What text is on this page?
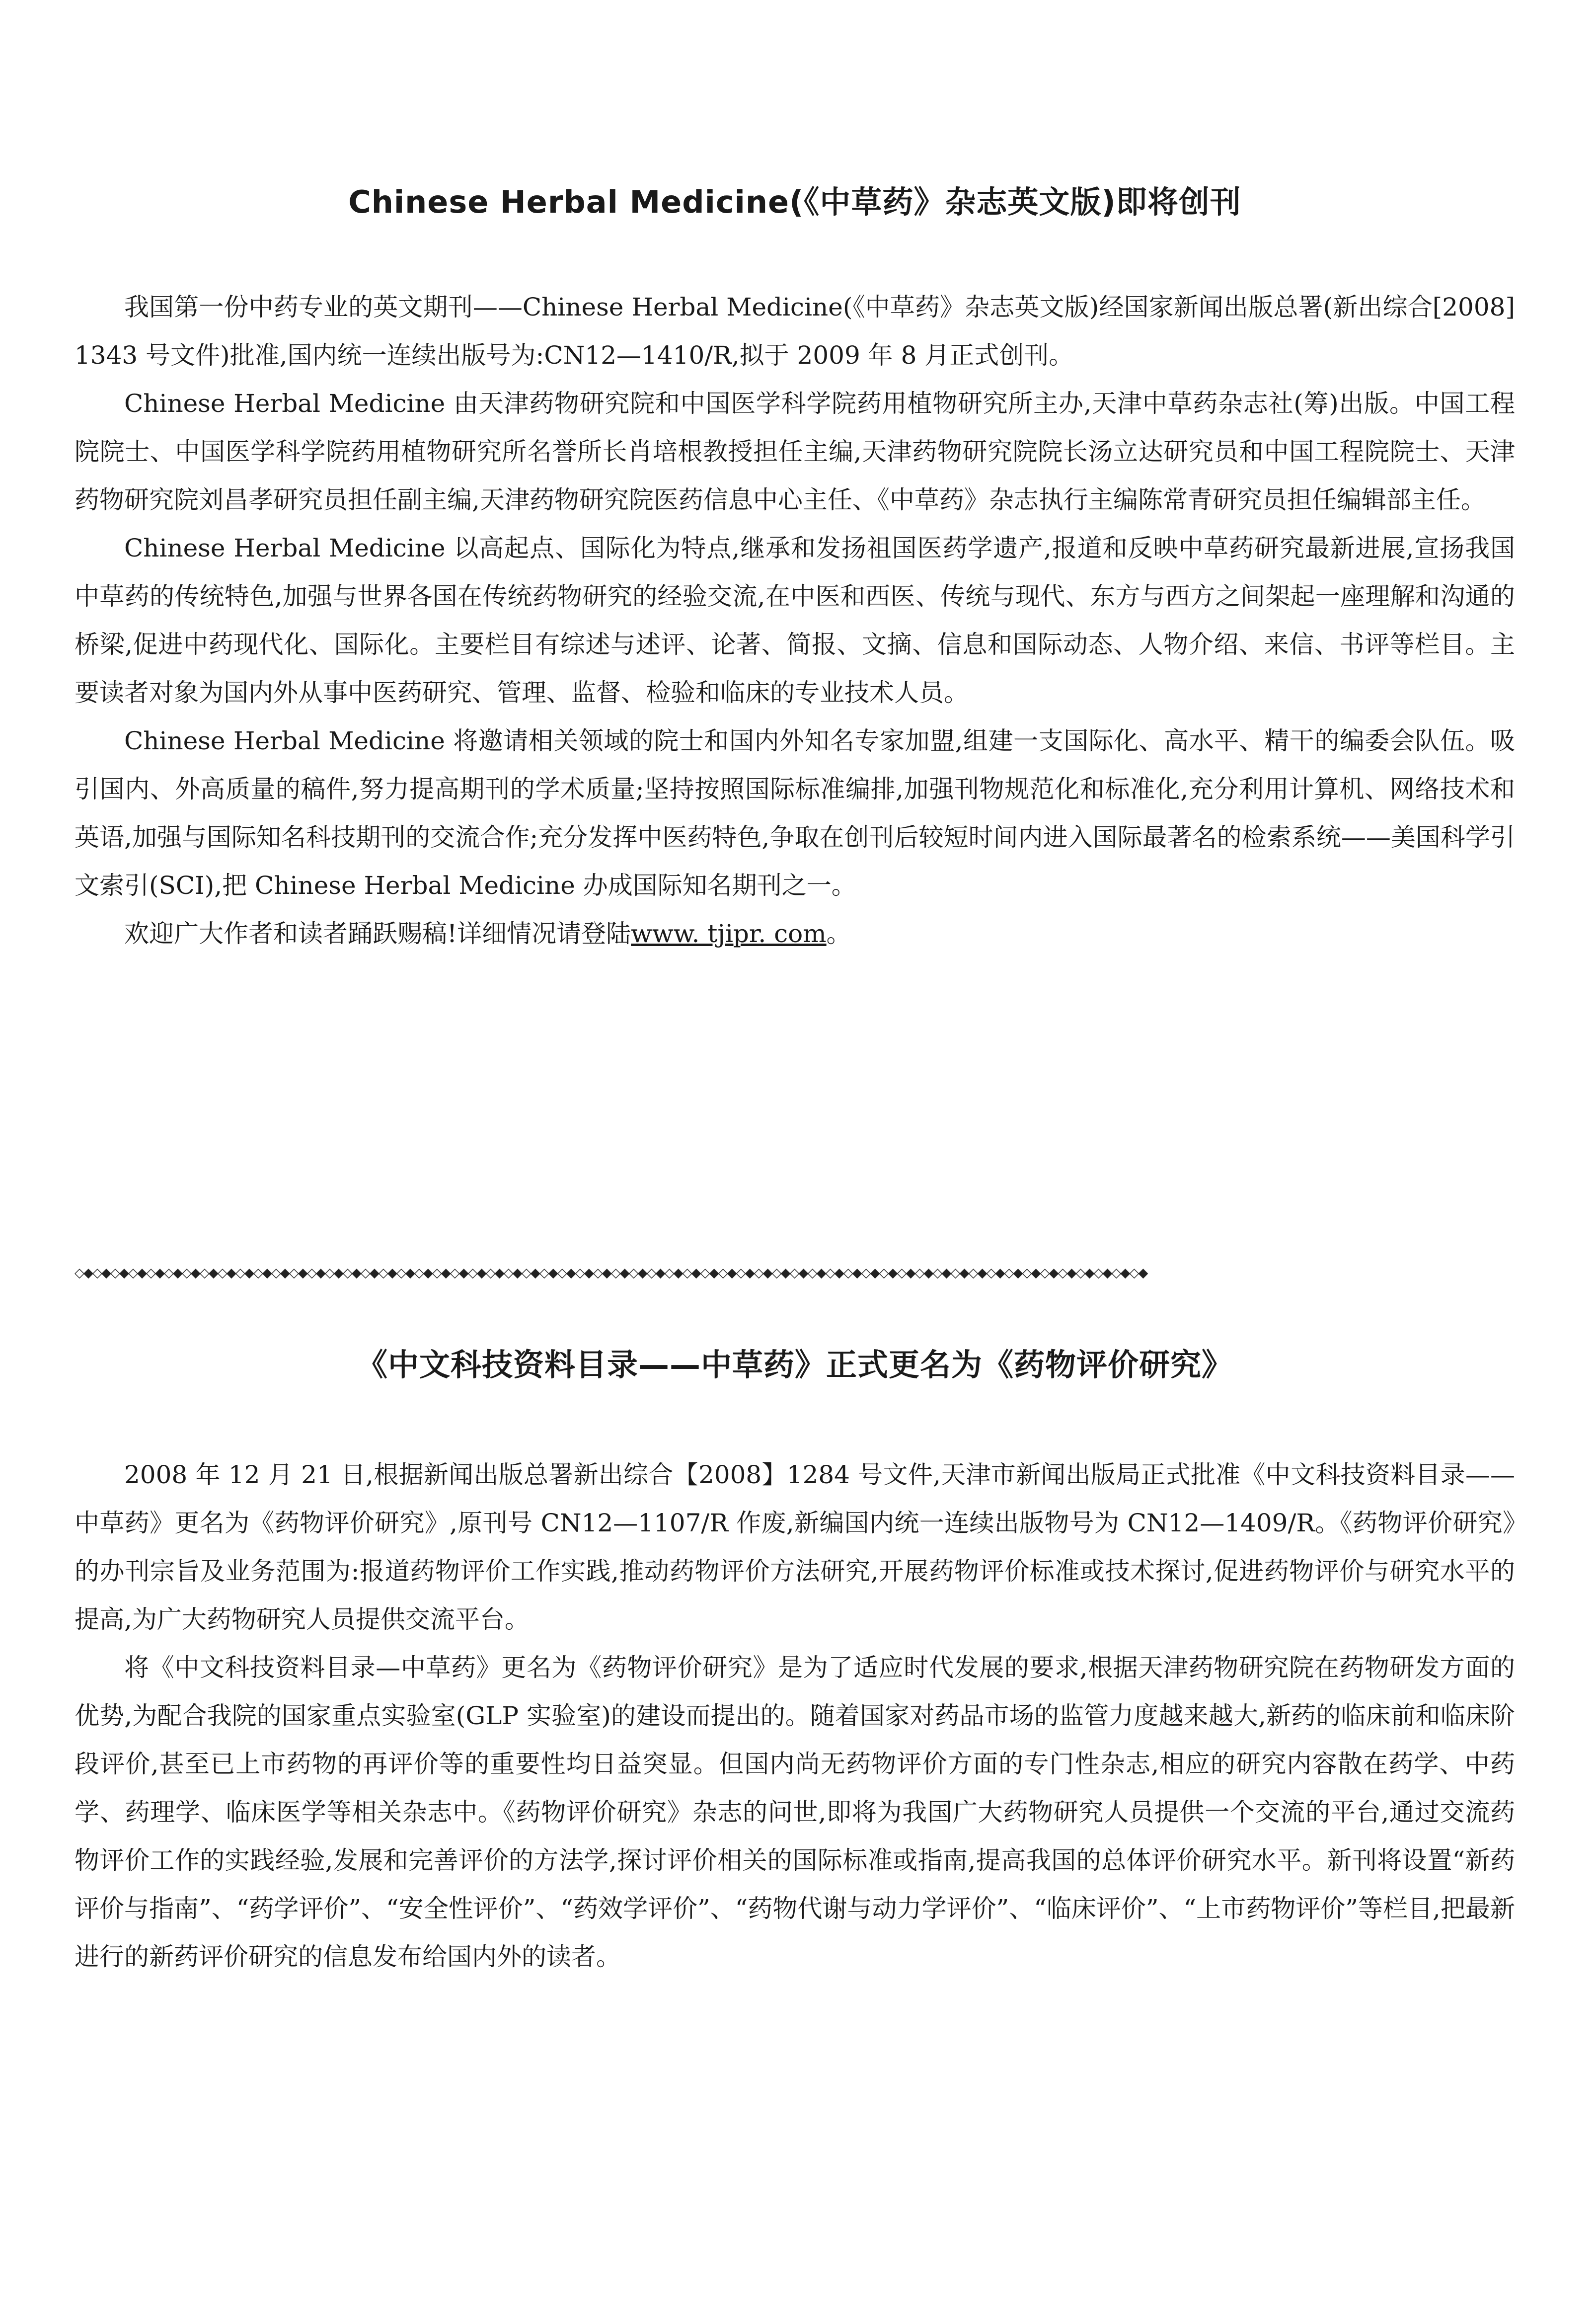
Chinese Herbal Medicine(《中草药》杂志英文版)即将创刊

我国第一份中药专业的英文期刊——Chinese Herbal Medicine(《中草药》杂志英文版)经国家新闻出版总署(新出综合[2008]1343 号文件)批准,国内统一连续出版号为:CN12—1410/R,拟于 2009 年 8 月正式创刊。

Chinese Herbal Medicine 由天津药物研究院和中国医学科学院药用植物研究所主办,天津中草药杂志社(筹)出版。中国工程院院士、中国医学科学院药用植物研究所名誉所长肖培根教授担任主编,天津药物研究院院长汤立达研究员和中国工程院院士、天津药物研究院刘昌孝研究员担任副主编,天津药物研究院医药信息中心主任、《中草药》杂志执行主编陈常青研究员担任编辑部主任。

Chinese Herbal Medicine 以高起点、国际化为特点,继承和发扬祖国医药学遗产,报道和反映中草药研究最新进展,宣扬我国中草药的传统特色,加强与世界各国在传统药物研究的经验交流,在中医和西医、传统与现代、东方与西方之间架起一座理解和沟通的桥梁,促进中药现代化、国际化。主要栏目有综述与述评、论著、简报、文摘、信息和国际动态、人物介绍、来信、书评等栏目。主要读者对象为国内外从事中医药研究、管理、监督、检验和临床的专业技术人员。

Chinese Herbal Medicine 将邀请相关领域的院士和国内外知名专家加盟,组建一支国际化、高水平、精干的编委会队伍。吸引国内、外高质量的稿件,努力提高期刊的学术质量;坚持按照国际标准编排,加强刊物规范化和标准化,充分利用计算机、网络技术和英语,加强与国际知名科技期刊的交流合作;充分发挥中医药特色,争取在创刊后较短时间内进入国际最著名的检索系统——美国科学引文索引(SCI),把 Chinese Herbal Medicine 办成国际知名期刊之一。

欢迎广大作者和读者踊跃赐稿!详细情况请登陆www. tjipr. com。

◇◆◇◆◇◆◇◆◇◆◇◆◇◆◇◆◇◆◇◆◇◆◇◆◇◆◇◆◇◆◇◆◇◆◇◆◇◆◇◆◇◆◇◆◇◆◇◆◇◆◇◆◇◆◇◆◇◆◇◆◇◆◇◆◇◆◇◆◇◆◇◆◇◆◇◆◇◆◇◆◇◆◇◆◇◆◇◆◇◆◇◆◇◆◇◆◇◆◇◆◇◆◇◆◇◆◇◆◇◆◇◆◇◆◇◆◇◆◇◆
《中文科技资料目录——中草药》正式更名为《药物评价研究》

2008 年 12 月 21 日,根据新闻出版总署新出综合【2008】1284 号文件,天津市新闻出版局正式批准《中文科技资料目录——中草药》更名为《药物评价研究》,原刊号 CN12—1107/R 作废,新编国内统一连续出版物号为 CN12—1409/R。《药物评价研究》的办刊宗旨及业务范围为:报道药物评价工作实践,推动药物评价方法研究,开展药物评价标准或技术探讨,促进药物评价与研究水平的提高,为广大药物研究人员提供交流平台。

将《中文科技资料目录—中草药》更名为《药物评价研究》是为了适应时代发展的要求,根据天津药物研究院在药物研发方面的优势,为配合我院的国家重点实验室(GLP 实验室)的建设而提出的。随着国家对药品市场的监管力度越来越大,新药的临床前和临床阶段评价,甚至已上市药物的再评价等的重要性均日益突显。但国内尚无药物评价方面的专门性杂志,相应的研究内容散在药学、中药学、药理学、临床医学等相关杂志中。《药物评价研究》杂志的问世,即将为我国广大药物研究人员提供一个交流的平台,通过交流药物评价工作的实践经验,发展和完善评价的方法学,探讨评价相关的国际标准或指南,提高我国的总体评价研究水平。新刊将设置“新药评价与指南”、“药学评价”、“安全性评价”、“药效学评价”、“药物代谢与动力学评价”、“临床评价”、“上市药物评价”等栏目,把最新进行的新药评价研究的信息发布给国内外的读者。
